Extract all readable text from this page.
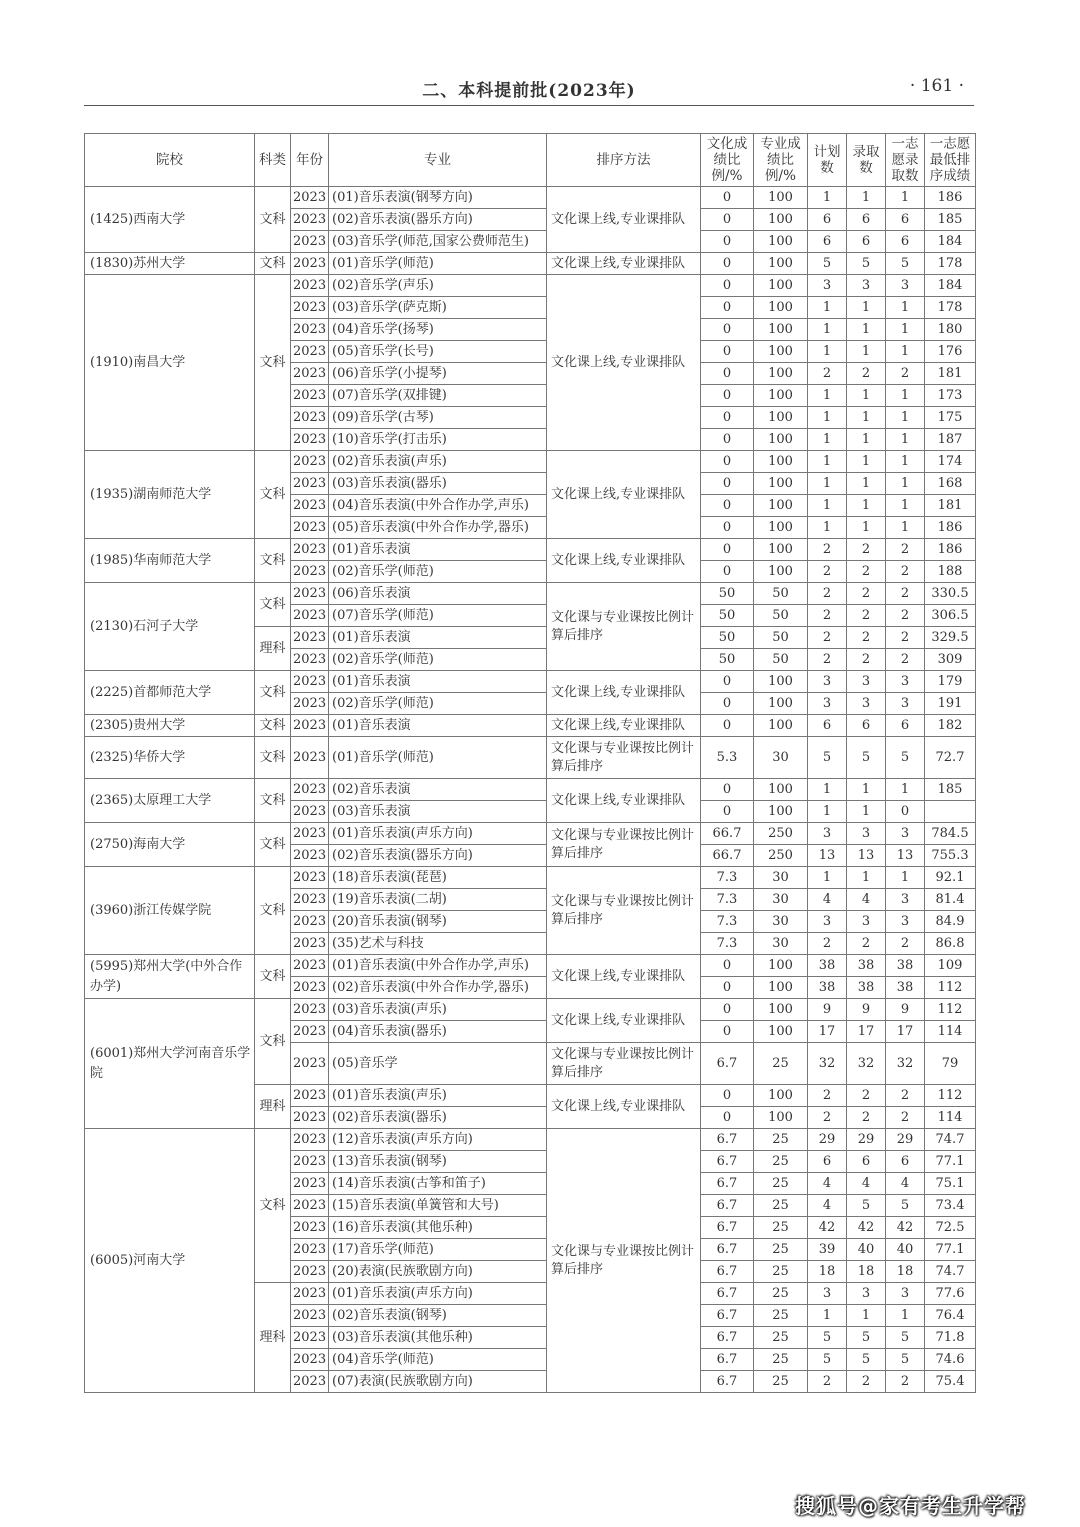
二、本科提前批(2023年)	· 161 ·
院校	科类	年份	专业	排序方法	文化成绩比例/%	专业成绩比例/%	计划数	录取数	一志愿录取数	一志愿最低排序成绩
(1425)西南大学	文科	2023	(01)音乐表演(钢琴方向)	文化课上线,专业课排队	0	100	1	1	1	186
		2023	(02)音乐表演(器乐方向)		0	100	6	6	6	185
		2023	(03)音乐学(师范,国家公费师范生)		0	100	6	6	6	184
(1830)苏州大学	文科	2023	(01)音乐学(师范)	文化课上线,专业课排队	0	100	5	5	5	178
(1910)南昌大学	文科	2023	(02)音乐学(声乐)	文化课上线,专业课排队	0	100	3	3	3	184
		2023	(03)音乐学(萨克斯)		0	100	1	1	1	178
		2023	(04)音乐学(扬琴)		0	100	1	1	1	180
		2023	(05)音乐学(长号)		0	100	1	1	1	176
		2023	(06)音乐学(小提琴)		0	100	2	2	2	181
		2023	(07)音乐学(双排键)		0	100	1	1	1	173
		2023	(09)音乐学(古琴)		0	100	1	1	1	175
		2023	(10)音乐学(打击乐)		0	100	1	1	1	187
(1935)湖南师范大学	文科	2023	(02)音乐表演(声乐)	文化课上线,专业课排队	0	100	1	1	1	174
		2023	(03)音乐表演(器乐)		0	100	1	1	1	168
		2023	(04)音乐表演(中外合作办学,声乐)		0	100	1	1	1	181
		2023	(05)音乐表演(中外合作办学,器乐)		0	100	1	1	1	186
(1985)华南师范大学	文科	2023	(01)音乐表演	文化课上线,专业课排队	0	100	2	2	2	186
		2023	(02)音乐学(师范)		0	100	2	2	2	188
(2130)石河子大学	文科	2023	(06)音乐表演	文化课与专业课按比例计算后排序	50	50	2	2	2	330.5
		2023	(07)音乐学(师范)		50	50	2	2	2	306.5
	理科	2023	(01)音乐表演		50	50	2	2	2	329.5
		2023	(02)音乐学(师范)		50	50	2	2	2	309
(2225)首都师范大学	文科	2023	(01)音乐表演	文化课上线,专业课排队	0	100	3	3	3	179
		2023	(02)音乐学(师范)		0	100	3	3	3	191
(2305)贵州大学	文科	2023	(01)音乐表演	文化课上线,专业课排队	0	100	6	6	6	182
(2325)华侨大学	文科	2023	(01)音乐学(师范)	文化课与专业课按比例计算后排序	5.3	30	5	5	5	72.7
(2365)太原理工大学	文科	2023	(02)音乐表演	文化课上线,专业课排队	0	100	1	1	1	185
		2023	(03)音乐表演		0	100	1	1	0	
(2750)海南大学	文科	2023	(01)音乐表演(声乐方向)	文化课与专业课按比例计算后排序	66.7	250	3	3	3	784.5
		2023	(02)音乐表演(器乐方向)		66.7	250	13	13	13	755.3
(3960)浙江传媒学院	文科	2023	(18)音乐表演(琵琶)	文化课与专业课按比例计算后排序	7.3	30	1	1	1	92.1
		2023	(19)音乐表演(二胡)		7.3	30	4	4	3	81.4
		2023	(20)音乐表演(钢琴)		7.3	30	3	3	3	84.9
		2023	(35)艺术与科技		7.3	30	2	2	2	86.8
(5995)郑州大学(中外合作办学)	文科	2023	(01)音乐表演(中外合作办学,声乐)	文化课上线,专业课排队	0	100	38	38	38	109
		2023	(02)音乐表演(中外合作办学,器乐)		0	100	38	38	38	112
(6001)郑州大学河南音乐学院	文科	2023	(03)音乐表演(声乐)	文化课上线,专业课排队	0	100	9	9	9	112
		2023	(04)音乐表演(器乐)		0	100	17	17	17	114
		2023	(05)音乐学	文化课与专业课按比例计算后排序	6.7	25	32	32	32	79
	理科	2023	(01)音乐表演(声乐)	文化课上线,专业课排队	0	100	2	2	2	112
		2023	(02)音乐表演(器乐)		0	100	2	2	2	114
(6005)河南大学	文科	2023	(12)音乐表演(声乐方向)	文化课与专业课按比例计算后排序	6.7	25	29	29	29	74.7
		2023	(13)音乐表演(钢琴)		6.7	25	6	6	6	77.1
		2023	(14)音乐表演(古筝和笛子)		6.7	25	4	4	4	75.1
		2023	(15)音乐表演(单簧管和大号)		6.7	25	4	5	5	73.4
		2023	(16)音乐表演(其他乐种)		6.7	25	42	42	42	72.5
		2023	(17)音乐学(师范)		6.7	25	39	40	40	77.1
		2023	(20)表演(民族歌剧方向)		6.7	25	18	18	18	74.7
	理科	2023	(01)音乐表演(声乐方向)		6.7	25	3	3	3	77.6
		2023	(02)音乐表演(钢琴)		6.7	25	1	1	1	76.4
		2023	(03)音乐表演(其他乐种)		6.7	25	5	5	5	71.8
		2023	(04)音乐学(师范)		6.7	25	5	5	5	74.6
		2023	(07)表演(民族歌剧方向)		6.7	25	2	2	2	75.4
搜狐号@家有考生升学帮
